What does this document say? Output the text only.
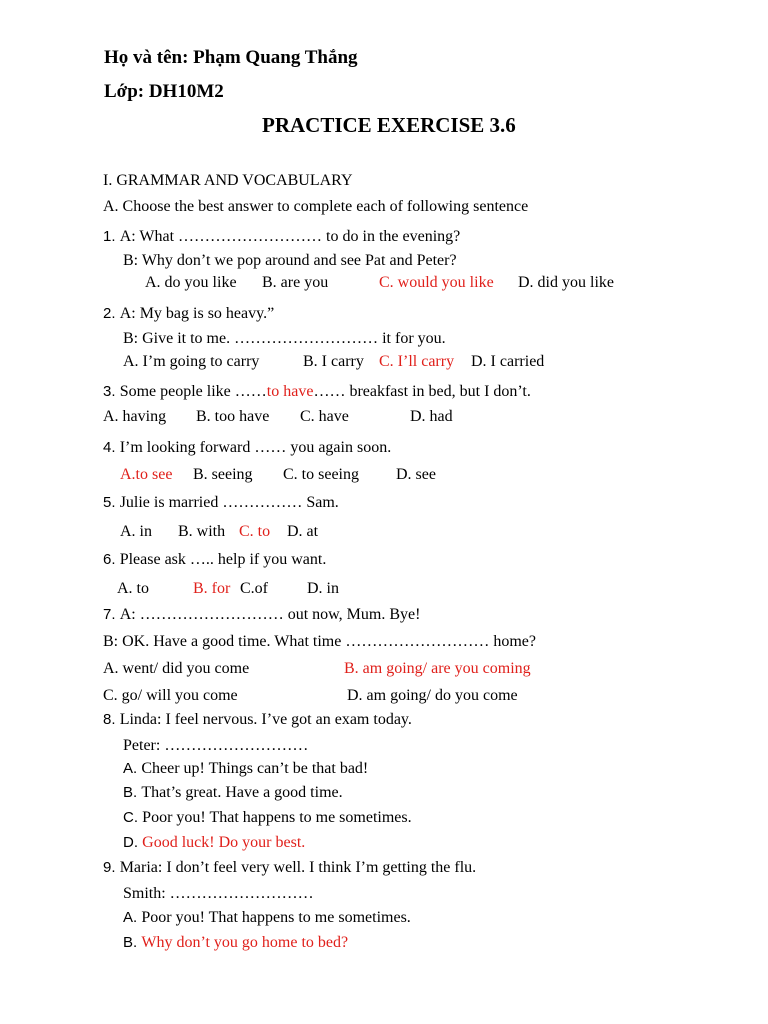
Họ và tên: Phạm Quang Thắng
Lớp: DH10M2
PRACTICE EXERCISE 3.6
I. GRAMMAR AND VOCABULARY
A. Choose the best answer to complete each of following sentence
1. A: What ……………………… to do in the evening?
B: Why don’t we pop around and see Pat and Peter?
A. do you like B. are you	C. would you like D. did you like
2. A: My bag is so heavy.”
B: Give it to me. ……………………… it for you.
A. I’m going to carry	B. I carry C. I’ll carry D. I carried
3. Some people like ……to have…… breakfast in bed, but I don’t.
A. having B. too have C. have	D. had
4. I’m looking forward …… you again soon.
A.to see B. seeing C. to seeing D. see
5. Julie is married …………… Sam.
A. in B. with C. to D. at
6. Please ask ….. help if you want.
A. to	B. for C.of D. in
7. A: ……………………… out now, Mum. Bye!
B: OK. Have a good time. What time ……………………… home?
A. went/ did you come	B. am going/ are you coming
C. go/ will you come	D. am going/ do you come
8. Linda: I feel nervous. I’ve got an exam today.
Peter: ………………………
A. Cheer up! Things can’t be that bad!
B. That’s great. Have a good time.
C. Poor you! That happens to me sometimes.
D. Good luck! Do your best.
9. Maria: I don’t feel very well. I think I’m getting the flu.
Smith: ………………………
A. Poor you! That happens to me sometimes.
B. Why don’t you go home to bed?
